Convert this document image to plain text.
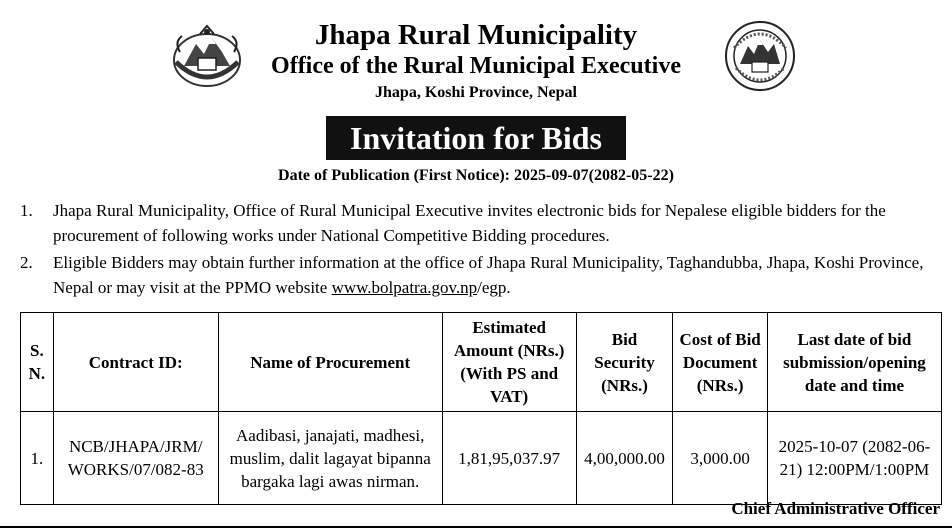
Jhapa Rural Municipality
Office of the Rural Municipal Executive
Jhapa, Koshi Province, Nepal
Invitation for Bids
Date of Publication (First Notice): 2025-09-07(2082-05-22)
1. Jhapa Rural Municipality, Office of Rural Municipal Executive invites electronic bids for Nepalese eligible bidders for the procurement of following works under National Competitive Bidding procedures.
2. Eligible Bidders may obtain further information at the office of Jhapa Rural Municipality, Taghandubba, Jhapa, Koshi Province, Nepal or may visit at the PPMO website www.bolpatra.gov.np/egp.
S. N.	Contract ID:	Name of Procurement	Estimated Amount (NRs.) (With PS and VAT)	Bid Security (NRs.)	Cost of Bid Document (NRs.)	Last date of bid submission/opening date and time
1.	NCB/JHAPA/JRM/ WORKS/07/082-83	Aadibasi, janajati, madhesi, muslim, dalit lagayat bipanna bargaka lagi awas nirman.	1,81,95,037.97	4,00,000.00	3,000.00	2025-10-07 (2082-06-21) 12:00PM/1:00PM
Chief Administrative Officer
